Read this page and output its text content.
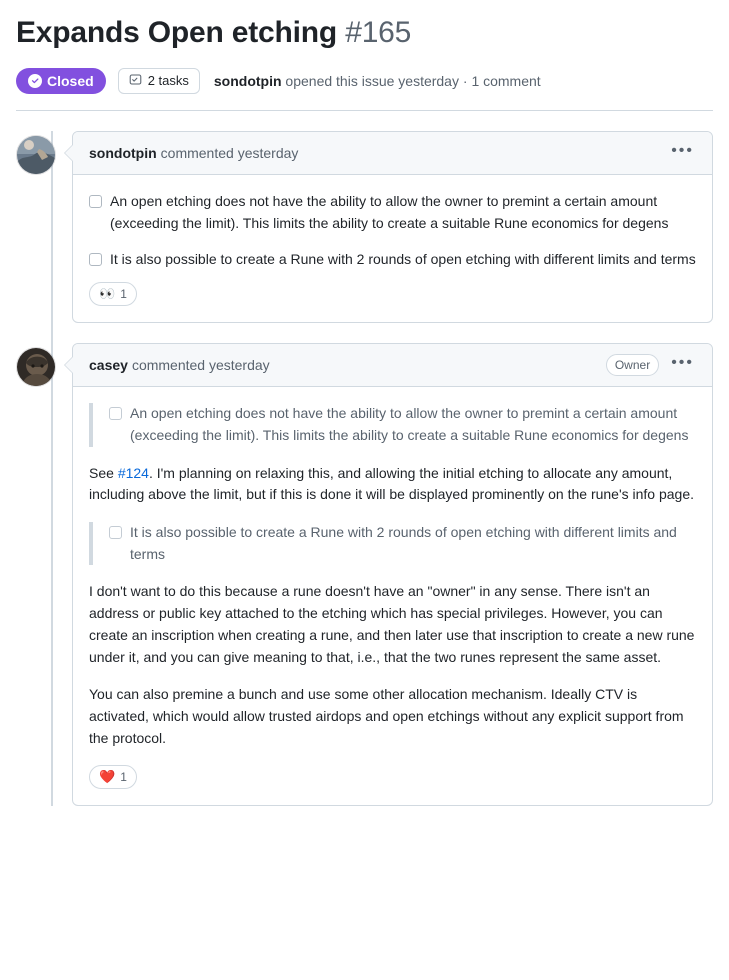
Expands Open etching #165
Closed	2 tasks sondotpin opened this issue yesterday · 1 comment
sondotpin commented yesterday	•••
An open etching does not have the ability to allow the owner to premint a certain amount (exceeding the limit). This limits the ability to create a suitable Rune economics for degens
It is also possible to create a Rune with 2 rounds of open etching with different limits and terms
👀 1
casey commented yesterday	Owner	•••
An open etching does not have the ability to allow the owner to premint a certain amount (exceeding the limit). This limits the ability to create a suitable Rune economics for degens

See #124. I'm planning on relaxing this, and allowing the initial etching to allocate any amount, including above the limit, but if this is done it will be displayed prominently on the rune's info page.

It is also possible to create a Rune with 2 rounds of open etching with different limits and terms

I don't want to do this because a rune doesn't have an "owner" in any sense. There isn't an address or public key attached to the etching which has special privileges. However, you can create an inscription when creating a rune, and then later use that inscription to create a new rune under it, and you can give meaning to that, i.e., that the two runes represent the same asset.

You can also premine a bunch and use some other allocation mechanism. Ideally CTV is activated, which would allow trusted airdops and open etchings without any explicit support from the protocol.

❤️ 1
